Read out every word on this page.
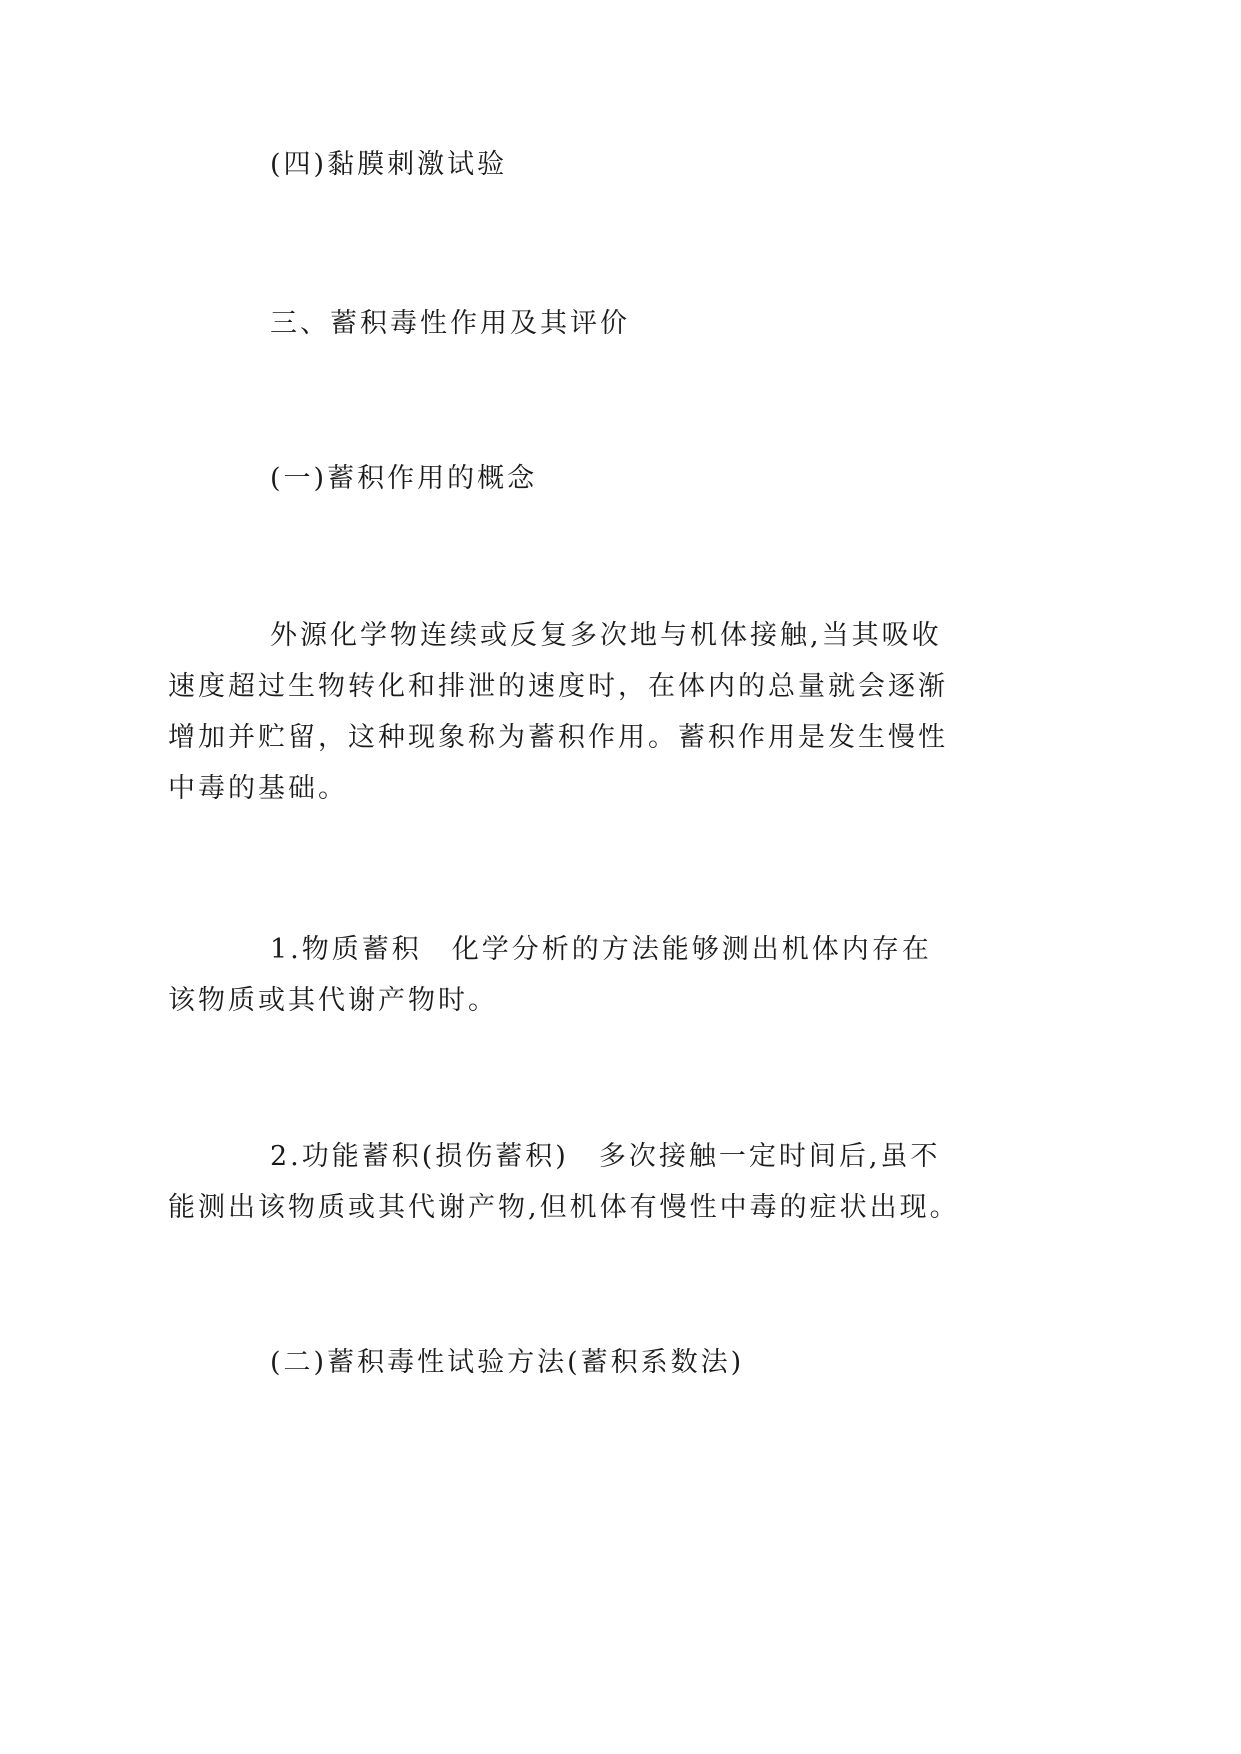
(四)黏膜刺激试验
三、蓄积毒性作用及其评价
(一)蓄积作用的概念

外源化学物连续或反复多次地与机体接触,当其吸收

速度超过生物转化和排泄的速度时，在体内的总量就会逐渐

增加并贮留，这种现象称为蓄积作用。蓄积作用是发生慢性

中毒的基础。

1.物质蓄积　化学分析的方法能够测出机体内存在

该物质或其代谢产物时。

2.功能蓄积(损伤蓄积)　多次接触一定时间后,虽不

能测出该物质或其代谢产物,但机体有慢性中毒的症状出现。

(二)蓄积毒性试验方法(蓄积系数法)
